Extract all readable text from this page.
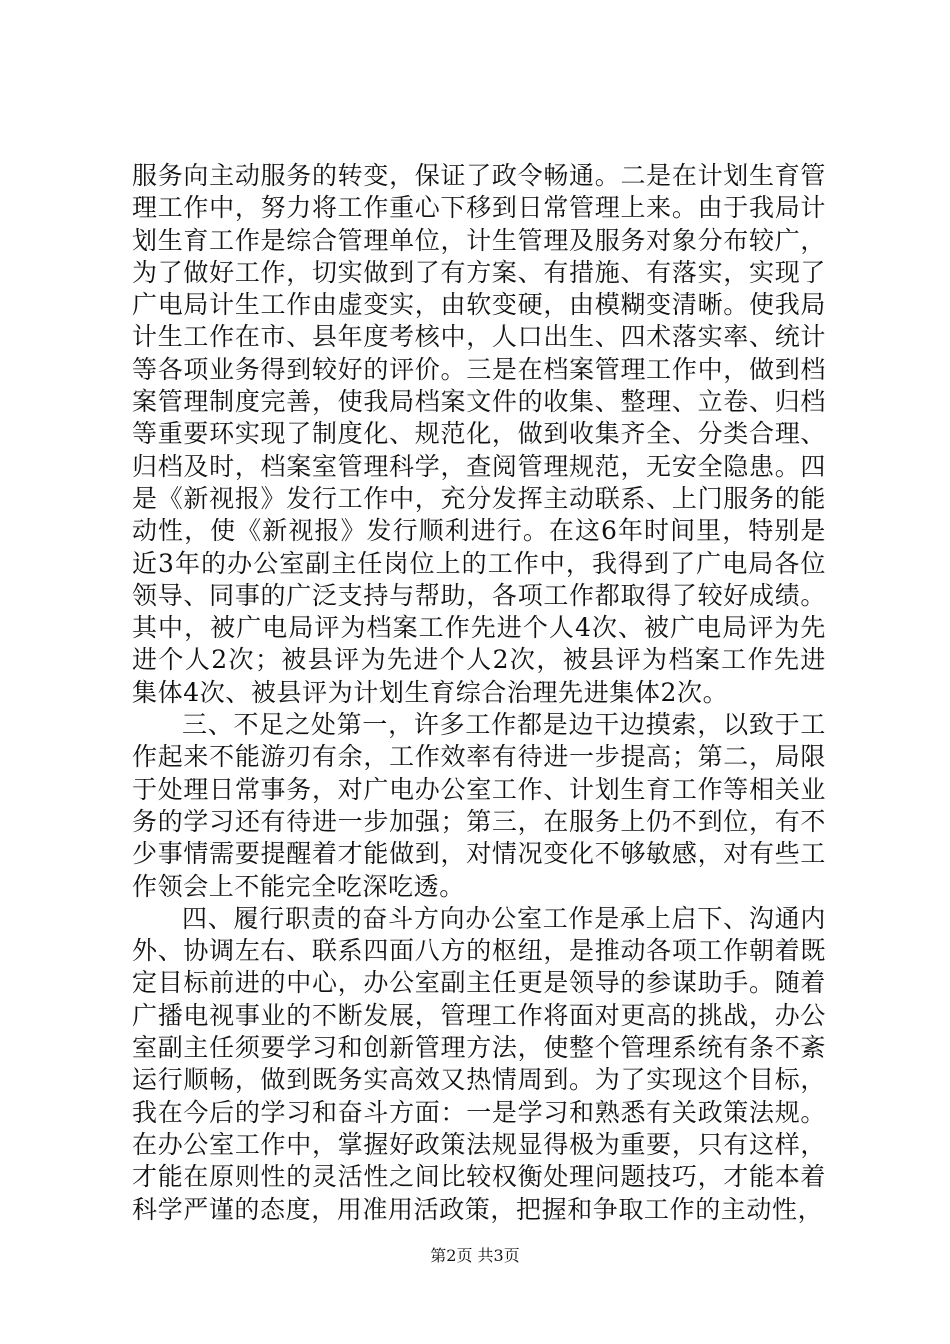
服务向主动服务的转变，保证了政令畅通。二是在计划生育管理工作中，努力将工作重心下移到日常管理上来。由于我局计划生育工作是综合管理单位，计生管理及服务对象分布较广，为了做好工作，切实做到了有方案、有措施、有落实，实现了广电局计生工作由虚变实，由软变硬，由模糊变清晰。使我局计生工作在市、县年度考核中，人口出生、四术落实率、统计等各项业务得到较好的评价。三是在档案管理工作中，做到档案管理制度完善，使我局档案文件的收集、整理、立卷、归档等重要环实现了制度化、规范化，做到收集齐全、分类合理、归档及时，档案室管理科学，查阅管理规范，无安全隐患。四是《新视报》发行工作中，充分发挥主动联系、上门服务的能动性，使《新视报》发行顺利进行。在这6年时间里，特别是近3年的办公室副主任岗位上的工作中，我得到了广电局各位领导、同事的广泛支持与帮助，各项工作都取得了较好成绩。其中，被广电局评为档案工作先进个人4次、被广电局评为先进个人2次；被县评为先进个人2次，被县评为档案工作先进集体4次、被县评为计划生育综合治理先进集体2次。

三、不足之处第一，许多工作都是边干边摸索，以致于工作起来不能游刃有余，工作效率有待进一步提高；第二，局限于处理日常事务，对广电办公室工作、计划生育工作等相关业务的学习还有待进一步加强；第三，在服务上仍不到位，有不少事情需要提醒着才能做到，对情况变化不够敏感，对有些工作领会上不能完全吃深吃透。

四、履行职责的奋斗方向办公室工作是承上启下、沟通内外、协调左右、联系四面八方的枢纽，是推动各项工作朝着既定目标前进的中心，办公室副主任更是领导的参谋助手。随着广播电视事业的不断发展，管理工作将面对更高的挑战，办公室副主任须要学习和创新管理方法，使整个管理系统有条不紊运行顺畅，做到既务实高效又热情周到。为了实现这个目标，我在今后的学习和奋斗方面：一是学习和熟悉有关政策法规。在办公室工作中，掌握好政策法规显得极为重要，只有这样，才能在原则性的灵活性之间比较权衡处理问题技巧，才能本着科学严谨的态度，用准用活政策，把握和争取工作的主动性，

第2页 共3页
